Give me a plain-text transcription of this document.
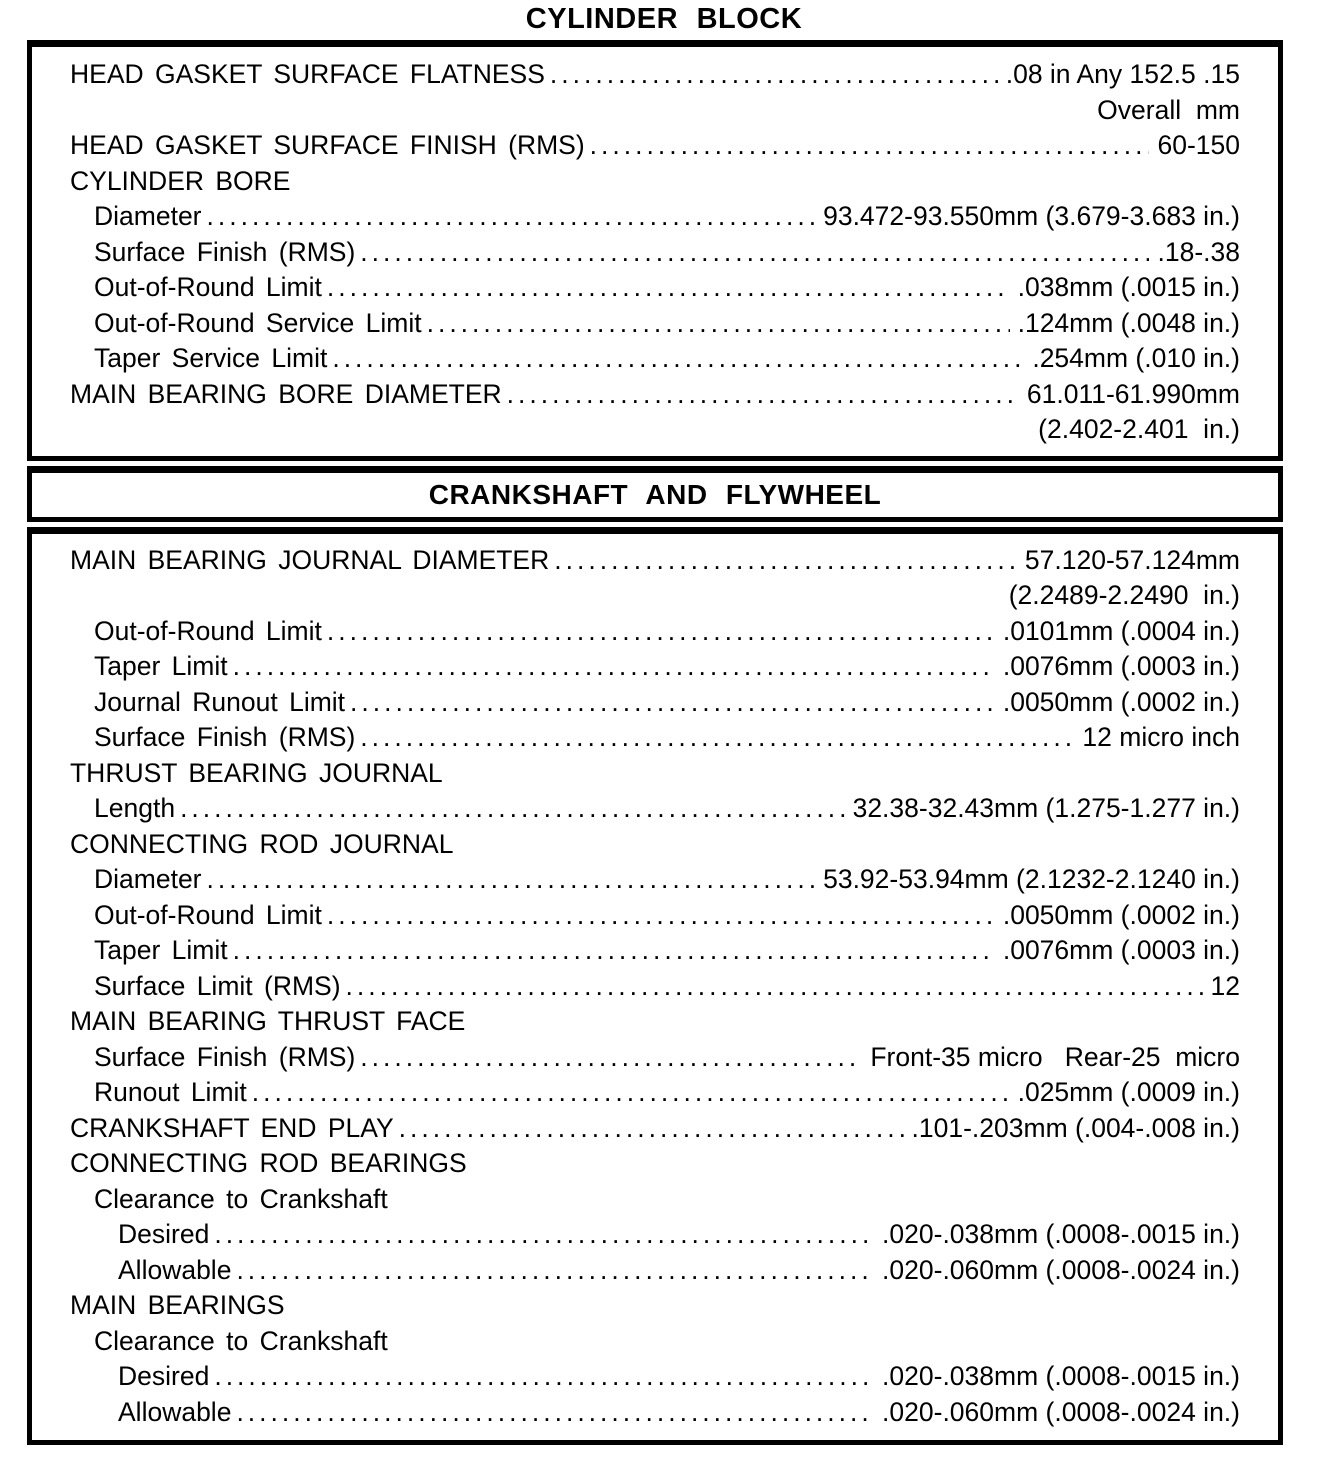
CYLINDER BLOCK
HEAD GASKET SURFACE FLATNESS .....	.08 in Any 152.5 .15
Overall  mm
HEAD GASKET SURFACE FINISH (RMS) .....	60-150
CYLINDER BORE
Diameter .....	93.472-93.550mm (3.679-3.683 in.)
Surface Finish (RMS) .....	.18-.38
Out-of-Round Limit .....	.038mm (.0015 in.)
Out-of-Round Service Limit .....	.124mm (.0048 in.)
Taper Service Limit .....	.254mm (.010 in.)
MAIN BEARING BORE DIAMETER .....	61.011-61.990mm
(2.402-2.401  in.)
CRANKSHAFT AND FLYWHEEL
MAIN BEARING JOURNAL DIAMETER .....	57.120-57.124mm
(2.2489-2.2490  in.)
Out-of-Round Limit .....	.0101mm (.0004 in.)
Taper Limit .....	.0076mm (.0003 in.)
Journal Runout Limit .....	.0050mm (.0002 in.)
Surface Finish (RMS) .....	12 micro inch
THRUST BEARING JOURNAL
Length .....	32.38-32.43mm (1.275-1.277 in.)
CONNECTING ROD JOURNAL
Diameter .....	53.92-53.94mm (2.1232-2.1240 in.)
Out-of-Round Limit .....	.0050mm (.0002 in.)
Taper Limit .....	.0076mm (.0003 in.)
Surface Limit (RMS) .....	12
MAIN BEARING THRUST FACE
Surface Finish (RMS) .....	Front-35 micro   Rear-25  micro
Runout Limit .....	.025mm (.0009 in.)
CRANKSHAFT END PLAY .....	.101-.203mm (.004-.008 in.)
CONNECTING ROD BEARINGS
Clearance to Crankshaft
Desired .....	.020-.038mm (.0008-.0015 in.)
Allowable .....	.020-.060mm (.0008-.0024 in.)
MAIN BEARINGS
Clearance to Crankshaft
Desired .....	.020-.038mm (.0008-.0015 in.)
Allowable .....	.020-.060mm (.0008-.0024 in.)
